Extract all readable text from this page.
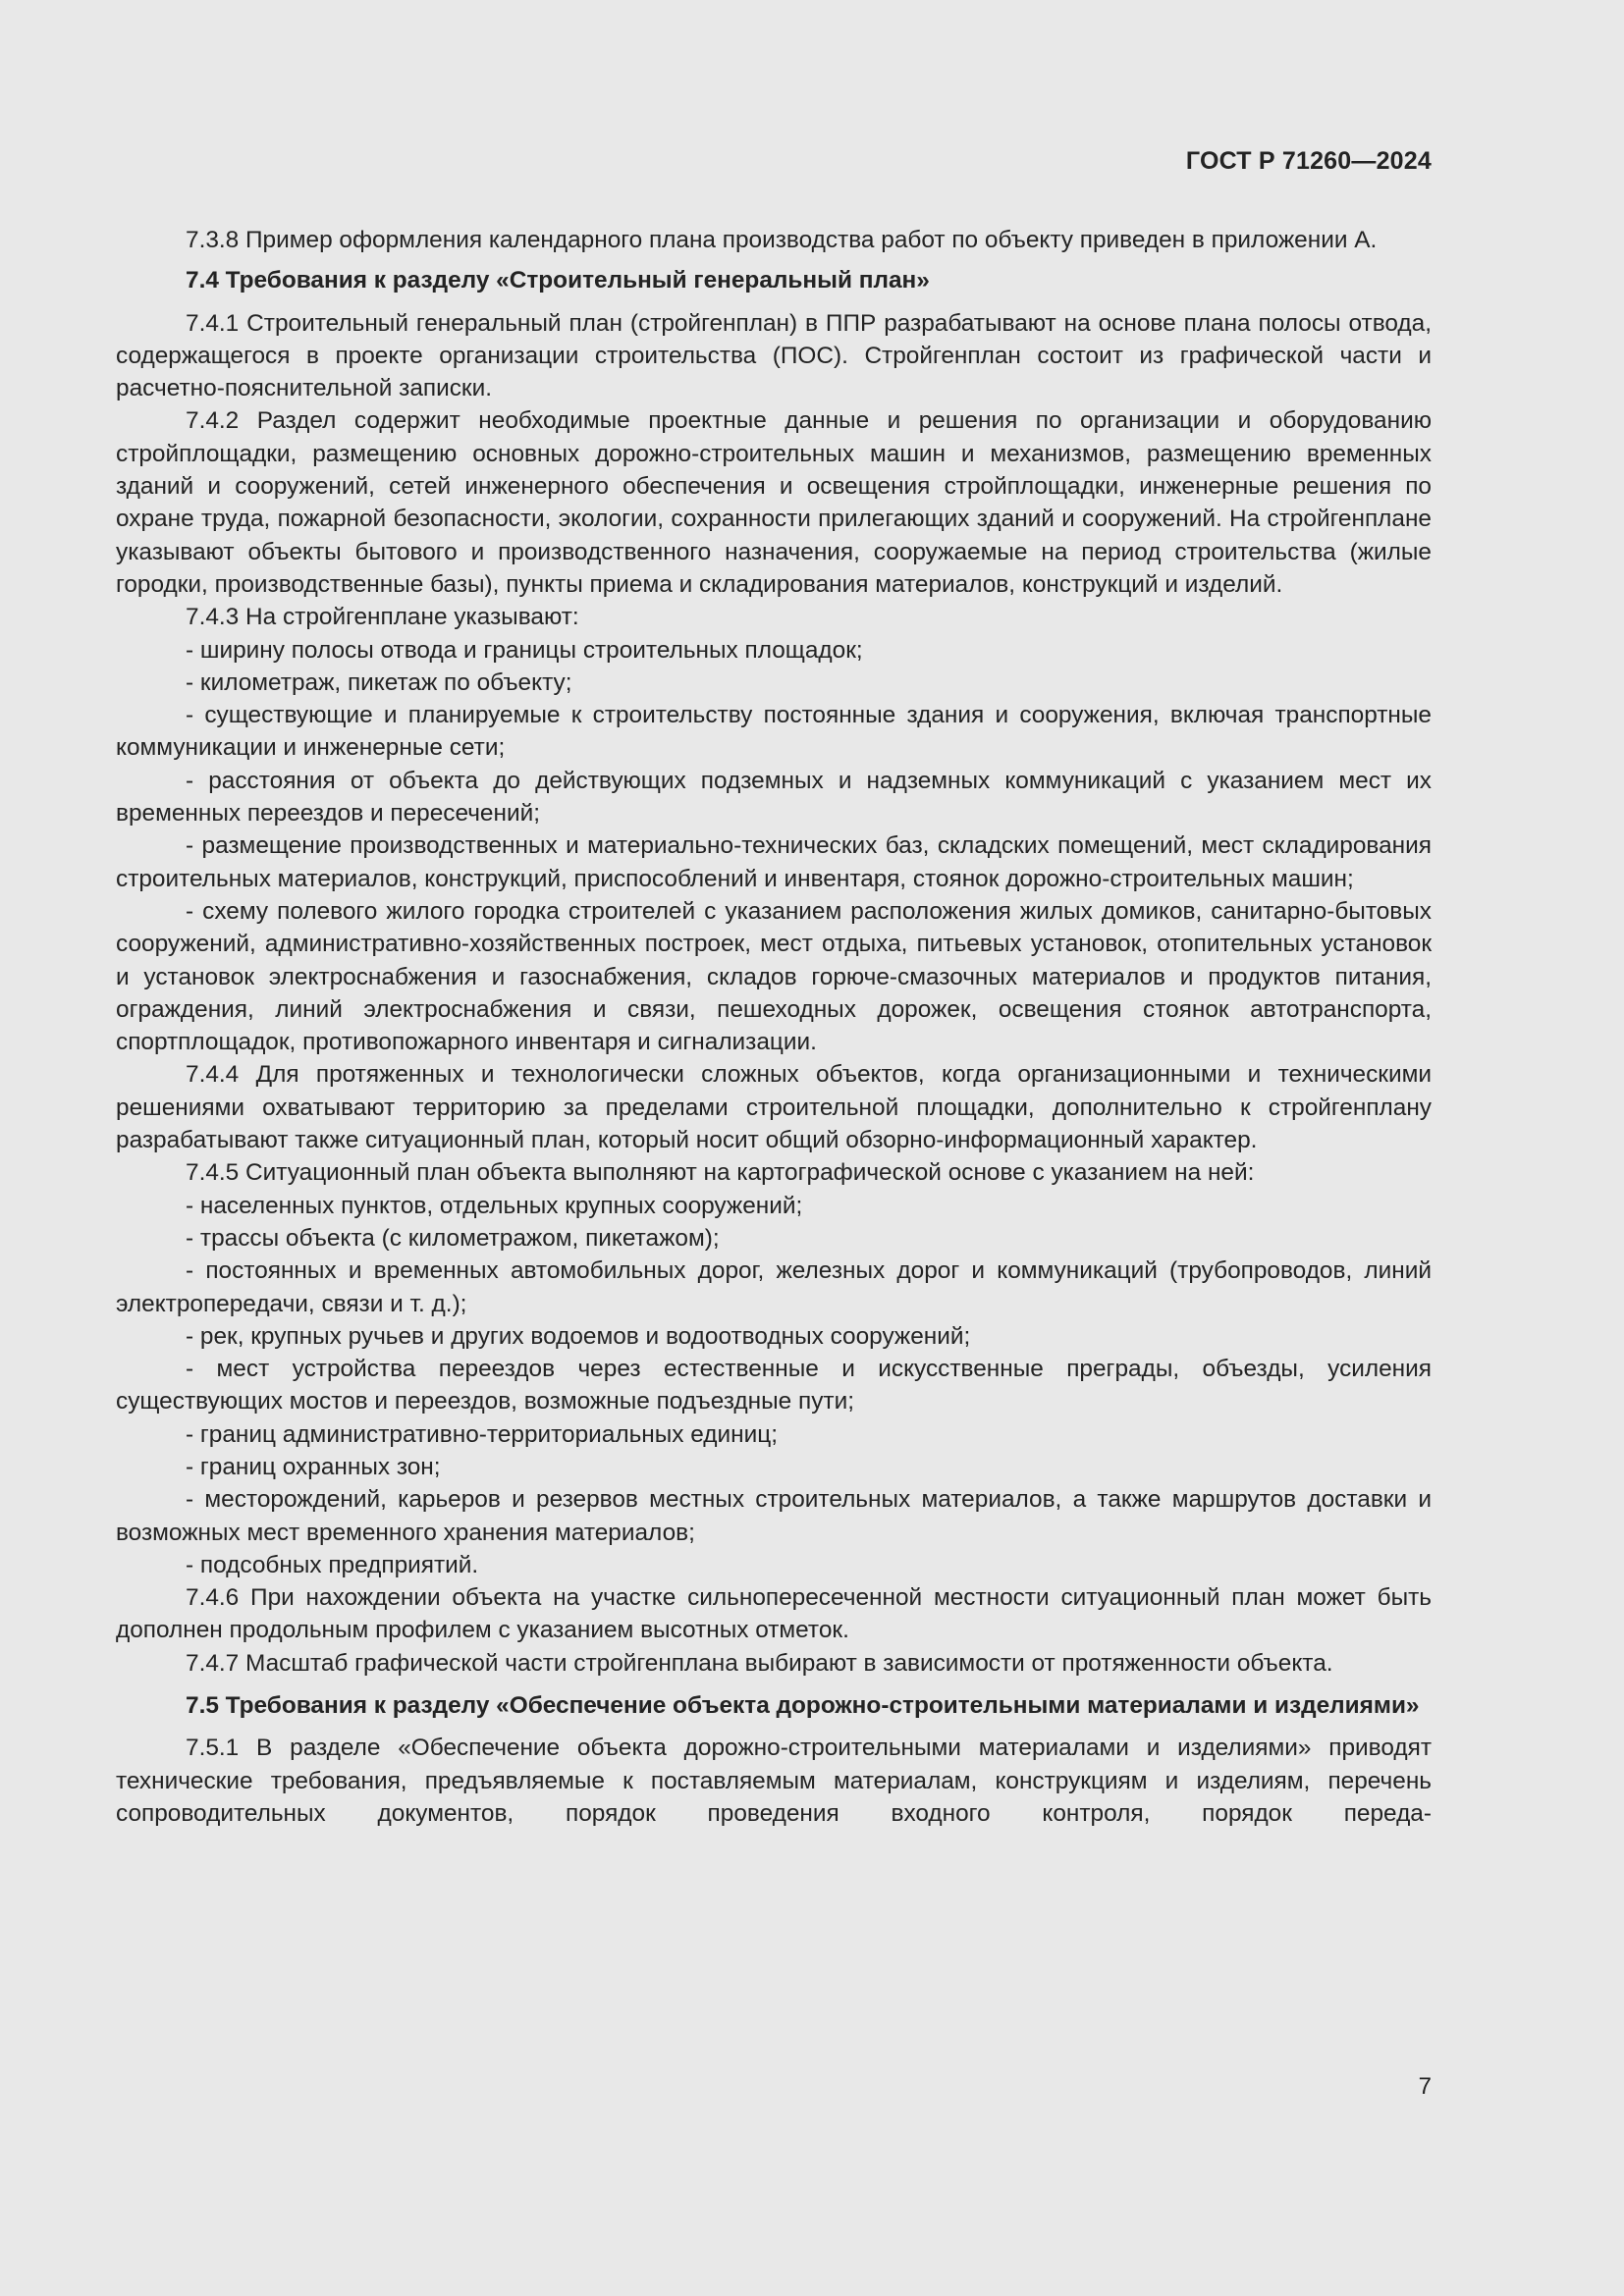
ГОСТ Р 71260—2024

7.3.8 Пример оформления календарного плана производства работ по объекту приведен в приложении А.

7.4 Требования к разделу «Строительный генеральный план»

7.4.1 Строительный генеральный план (стройгенплан) в ППР разрабатывают на основе плана полосы отвода, содержащегося в проекте организации строительства (ПОС). Стройгенплан состоит из графической части и расчетно-пояснительной записки.

7.4.2 Раздел содержит необходимые проектные данные и решения по организации и оборудованию стройплощадки, размещению основных дорожно-строительных машин и механизмов, размещению временных зданий и сооружений, сетей инженерного обеспечения и освещения стройплощадки, инженерные решения по охране труда, пожарной безопасности, экологии, сохранности прилегающих зданий и сооружений. На стройгенплане указывают объекты бытового и производственного назначения, сооружаемые на период строительства (жилые городки, производственные базы), пункты приема и складирования материалов, конструкций и изделий.

7.4.3 На стройгенплане указывают:

- ширину полосы отвода и границы строительных площадок;

- километраж, пикетаж по объекту;

- существующие и планируемые к строительству постоянные здания и сооружения, включая транспортные коммуникации и инженерные сети;

- расстояния от объекта до действующих подземных и надземных коммуникаций с указанием мест их временных переездов и пересечений;

- размещение производственных и материально-технических баз, складских помещений, мест складирования строительных материалов, конструкций, приспособлений и инвентаря, стоянок дорожно-строительных машин;

- схему полевого жилого городка строителей с указанием расположения жилых домиков, санитарно-бытовых сооружений, административно-хозяйственных построек, мест отдыха, питьевых установок, отопительных установок и установок электроснабжения и газоснабжения, складов горюче-смазочных материалов и продуктов питания, ограждения, линий электроснабжения и связи, пешеходных дорожек, освещения стоянок автотранспорта, спортплощадок, противопожарного инвентаря и сигнализации.

7.4.4 Для протяженных и технологически сложных объектов, когда организационными и техническими решениями охватывают территорию за пределами строительной площадки, дополнительно к стройгенплану разрабатывают также ситуационный план, который носит общий обзорно-информационный характер.

7.4.5 Ситуационный план объекта выполняют на картографической основе с указанием на ней:

- населенных пунктов, отдельных крупных сооружений;

- трассы объекта (с километражом, пикетажом);

- постоянных и временных автомобильных дорог, железных дорог и коммуникаций (трубопроводов, линий электропередачи, связи и т. д.);

- рек, крупных ручьев и других водоемов и водоотводных сооружений;

- мест устройства переездов через естественные и искусственные преграды, объезды, усиления существующих мостов и переездов, возможные подъездные пути;

- границ административно-территориальных единиц;

- границ охранных зон;

- месторождений, карьеров и резервов местных строительных материалов, а также маршрутов доставки и возможных мест временного хранения материалов;

- подсобных предприятий.

7.4.6 При нахождении объекта на участке сильнопересеченной местности ситуационный план может быть дополнен продольным профилем с указанием высотных отметок.

7.4.7 Масштаб графической части стройгенплана выбирают в зависимости от протяженности объекта.

7.5 Требования к разделу «Обеспечение объекта дорожно-строительными материалами и изделиями»

7.5.1 В разделе «Обеспечение объекта дорожно-строительными материалами и изделиями» приводят технические требования, предъявляемые к поставляемым материалам, конструкциям и изделиям, перечень сопроводительных документов, порядок проведения входного контроля, порядок переда-

7
